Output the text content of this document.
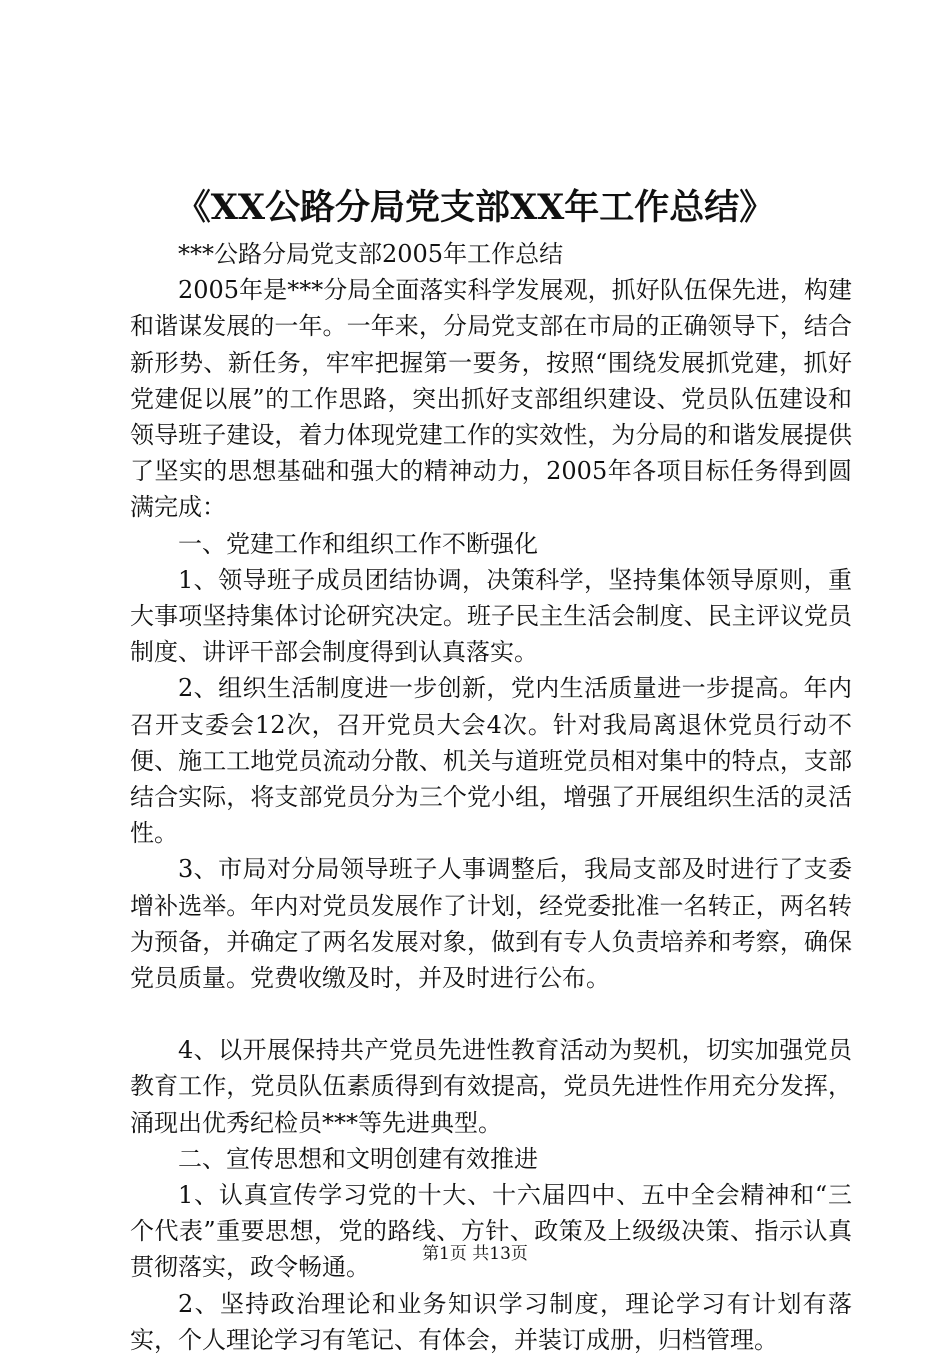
《XX公路分局党支部XX年工作总结》

***公路分局党支部2005年工作总结

2005年是***分局全面落实科学发展观，抓好队伍保先进，构建和谐谋发展的一年。一年来，分局党支部在市局的正确领导下，结合新形势、新任务，牢牢把握第一要务，按照“围绕发展抓党建，抓好党建促以展”的工作思路，突出抓好支部组织建设、党员队伍建设和领导班子建设，着力体现党建工作的实效性，为分局的和谐发展提供了坚实的思想基础和强大的精神动力，2005年各项目标任务得到圆满完成：

一、党建工作和组织工作不断强化

1、领导班子成员团结协调，决策科学，坚持集体领导原则，重大事项坚持集体讨论研究决定。班子民主生活会制度、民主评议党员制度、讲评干部会制度得到认真落实。

2、组织生活制度进一步创新，党内生活质量进一步提高。年内召开支委会12次，召开党员大会4次。针对我局离退休党员行动不便、施工工地党员流动分散、机关与道班党员相对集中的特点，支部结合实际，将支部党员分为三个党小组，增强了开展组织生活的灵活性。

3、市局对分局领导班子人事调整后，我局支部及时进行了支委增补选举。年内对党员发展作了计划，经党委批准一名转正，两名转为预备，并确定了两名发展对象，做到有专人负责培养和考察，确保党员质量。党费收缴及时，并及时进行公布。

4、以开展保持共产党员先进性教育活动为契机，切实加强党员教育工作，党员队伍素质得到有效提高，党员先进性作用充分发挥，涌现出优秀纪检员***等先进典型。

二、宣传思想和文明创建有效推进

1、认真宣传学习党的十大、十六届四中、五中全会精神和“三个代表”重要思想，党的路线、方针、政策及上级级决策、指示认真贯彻落实，政令畅通。

2、坚持政治理论和业务知识学习制度，理论学习有计划有落实，个人理论学习有笔记、有体会，并装订成册，归档管理。

第1页 共13页
